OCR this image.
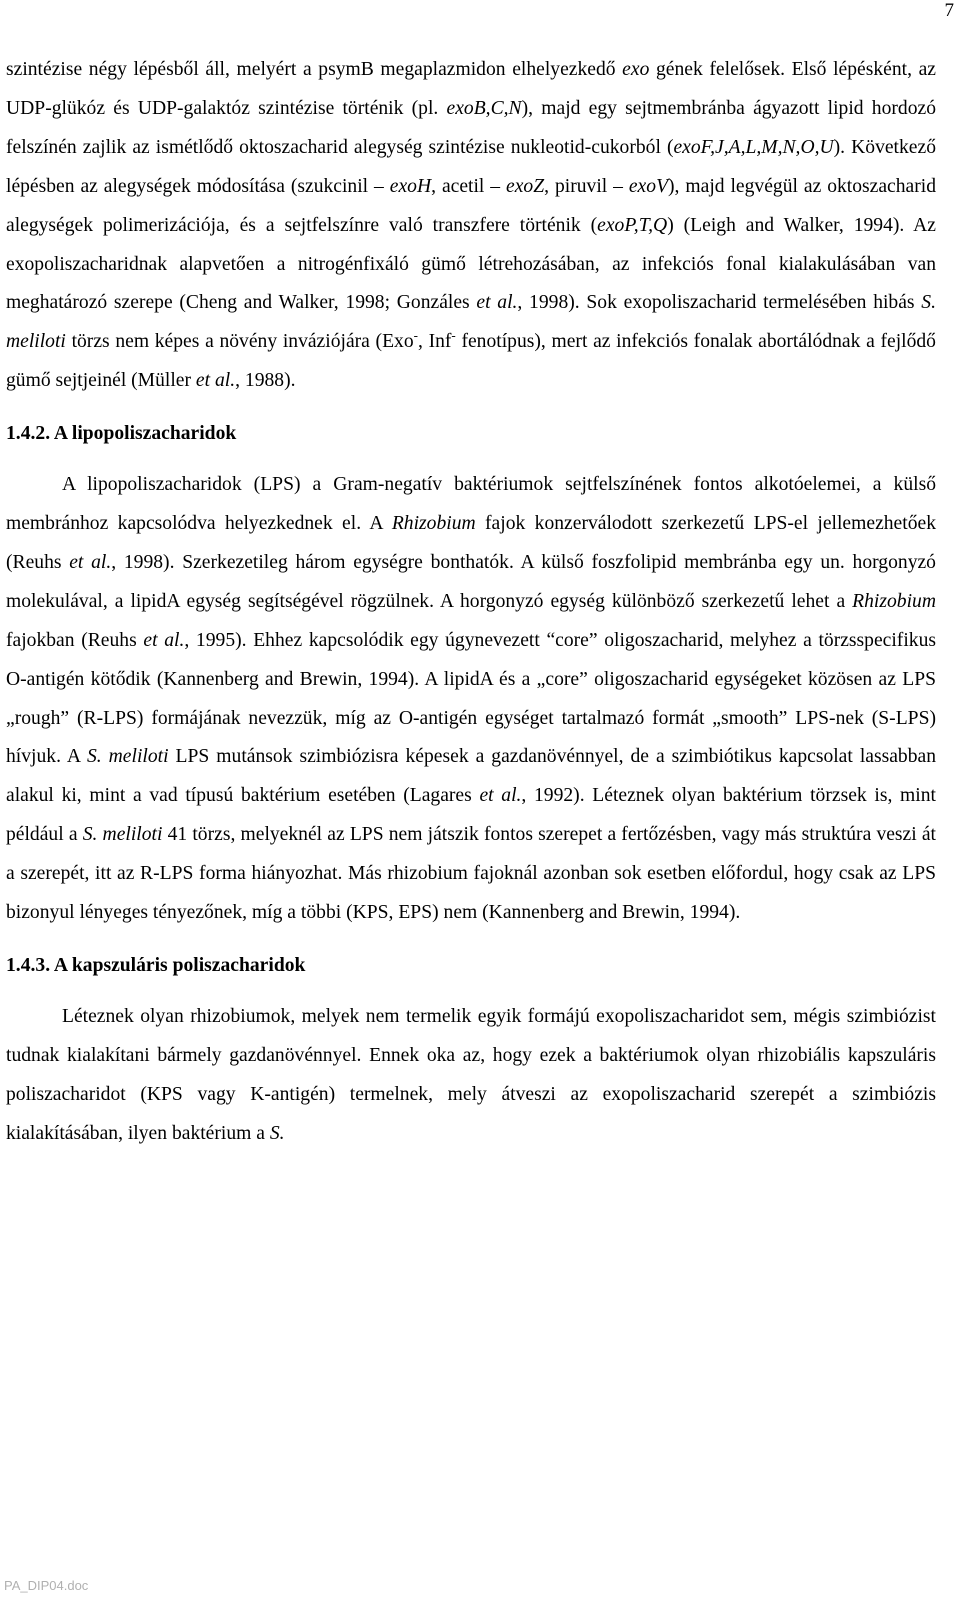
7

szintézise négy lépésből áll, melyért a psymB megaplazmidon elhelyezkedő exo gének felelősek. Első lépésként, az UDP-glükóz és UDP-galaktóz szintézise történik (pl. exoB,C,N), majd egy sejtmembránba ágyazott lipid hordozó felszínén zajlik az ismétlődő oktoszacharid alegység szintézise nukleotid-cukorból (exoF,J,A,L,M,N,O,U). Következő lépésben az alegységek módosítása (szukcinil – exoH, acetil – exoZ, piruvil – exoV), majd legvégül az oktoszacharid alegységek polimerizációja, és a sejtfelszínre való transzfere történik (exoP,T,Q) (Leigh and Walker, 1994). Az exopoliszacharidnak alapvetően a nitrogénfixáló gümő létrehozásában, az infekciós fonal kialakulásában van meghatározó szerepe (Cheng and Walker, 1998; Gonzáles et al., 1998). Sok exopoliszacharid termelésében hibás S. meliloti törzs nem képes a növény inváziójára (Exo-, Inf- fenotípus), mert az infekciós fonalak abortálódnak a fejlődő gümő sejtjeinél (Müller et al., 1988).

1.4.2. A lipopoliszacharidok

A lipopoliszacharidok (LPS) a Gram-negatív baktériumok sejtfelszínének fontos alkotóelemei, a külső membránhoz kapcsolódva helyezkednek el. A Rhizobium fajok konzerválodott szerkezetű LPS-el jellemezhetőek (Reuhs et al., 1998). Szerkezetileg három egységre bonthatók. A külső foszfolipid membránba egy un. horgonyzó molekulával, a lipidA egység segítségével rögzülnek. A horgonyzó egység különböző szerkezetű lehet a Rhizobium fajokban (Reuhs et al., 1995). Ehhez kapcsolódik egy úgynevezett “core” oligoszacharid, melyhez a törzsspecifikus O-antigén kötődik (Kannenberg and Brewin, 1994). A lipidA és a „core” oligoszacharid egységeket közösen az LPS „rough” (R-LPS) formájának nevezzük, míg az O-antigén egységet tartalmazó formát „smooth” LPS-nek (S-LPS) hívjuk. A S. meliloti LPS mutánsok szimbiózisra képesek a gazdanövénnyel, de a szimbiótikus kapcsolat lassabban alakul ki, mint a vad típusú baktérium esetében (Lagares et al., 1992). Léteznek olyan baktérium törzsek is, mint például a S. meliloti 41 törzs, melyeknél az LPS nem játszik fontos szerepet a fertőzésben, vagy más struktúra veszi át a szerepét, itt az R-LPS forma hiányozhat. Más rhizobium fajoknál azonban sok esetben előfordul, hogy csak az LPS bizonyul lényeges tényezőnek, míg a többi (KPS, EPS) nem (Kannenberg and Brewin, 1994).

1.4.3. A kapszuláris poliszacharidok

Léteznek olyan rhizobiumok, melyek nem termelik egyik formájú exopoliszacharidot sem, mégis szimbiózist tudnak kialakítani bármely gazdanövénnyel. Ennek oka az, hogy ezek a baktériumok olyan rhizobiális kapszuláris poliszacharidot (KPS vagy K-antigén) termelnek, mely átveszi az exopoliszacharid szerepét a szimbiózis kialakításában, ilyen baktérium a S.

PA_DIP04.doc
